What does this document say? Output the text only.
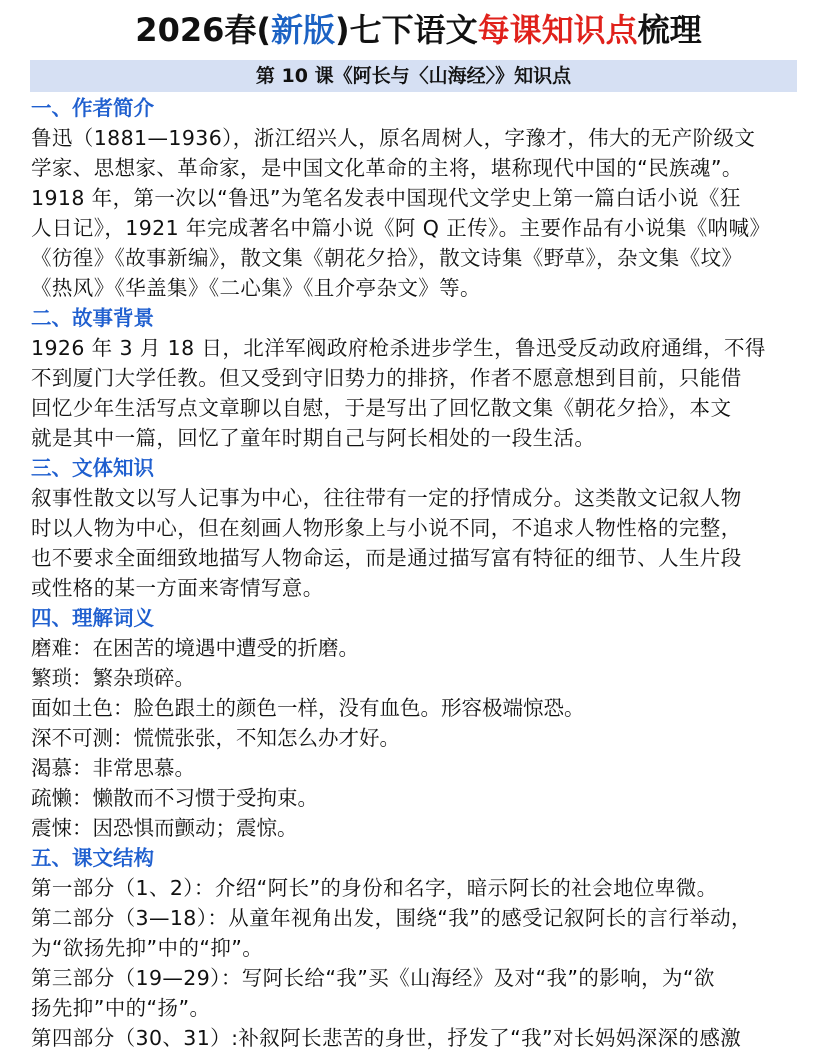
2026春(新版)七下语文每课知识点梳理
第 10 课《阿长与〈山海经〉》知识点
一、作者简介
鲁迅（1881—1936），浙江绍兴人，原名周树人，字豫才，伟大的无产阶级文
学家、思想家、革命家，是中国文化革命的主将，堪称现代中国的“民族魂”。
1918 年，第一次以“鲁迅”为笔名发表中国现代文学史上第一篇白话小说《狂
人日记》，1921 年完成著名中篇小说《阿 Q 正传》。主要作品有小说集《呐喊》
《彷徨》《故事新编》，散文集《朝花夕拾》，散文诗集《野草》，杂文集《坟》
《热风》《华盖集》《二心集》《且介亭杂文》等。
二、故事背景
1926 年 3 月 18 日，北洋军阀政府枪杀进步学生，鲁迅受反动政府通缉，不得
不到厦门大学任教。但又受到守旧势力的排挤，作者不愿意想到目前，只能借
回忆少年生活写点文章聊以自慰，于是写出了回忆散文集《朝花夕拾》，本文
就是其中一篇，回忆了童年时期自己与阿长相处的一段生活。
三、文体知识
叙事性散文以写人记事为中心，往往带有一定的抒情成分。这类散文记叙人物
时以人物为中心，但在刻画人物形象上与小说不同，不追求人物性格的完整，
也不要求全面细致地描写人物命运，而是通过描写富有特征的细节、人生片段
或性格的某一方面来寄情写意。
四、理解词义
磨难：在困苦的境遇中遭受的折磨。
繁琐：繁杂琐碎。
面如土色：脸色跟土的颜色一样，没有血色。形容极端惊恐。
深不可测：慌慌张张，不知怎么办才好。
渴慕：非常思慕。
疏懒：懒散而不习惯于受拘束。
震悚：因恐惧而颤动；震惊。
五、课文结构
第一部分（1、2）：介绍“阿长”的身份和名字，暗示阿长的社会地位卑微。
第二部分（3—18）：从童年视角出发，围绕“我”的感受记叙阿长的言行举动，
为“欲扬先抑”中的“抑”。
第三部分（19—29）：写阿长给“我”买《山海经》及对“我”的影响，为“欲
扬先抑”中的“扬”。
第四部分（30、31）:补叙阿长悲苦的身世，抒发了“我”对长妈妈深深的感激
